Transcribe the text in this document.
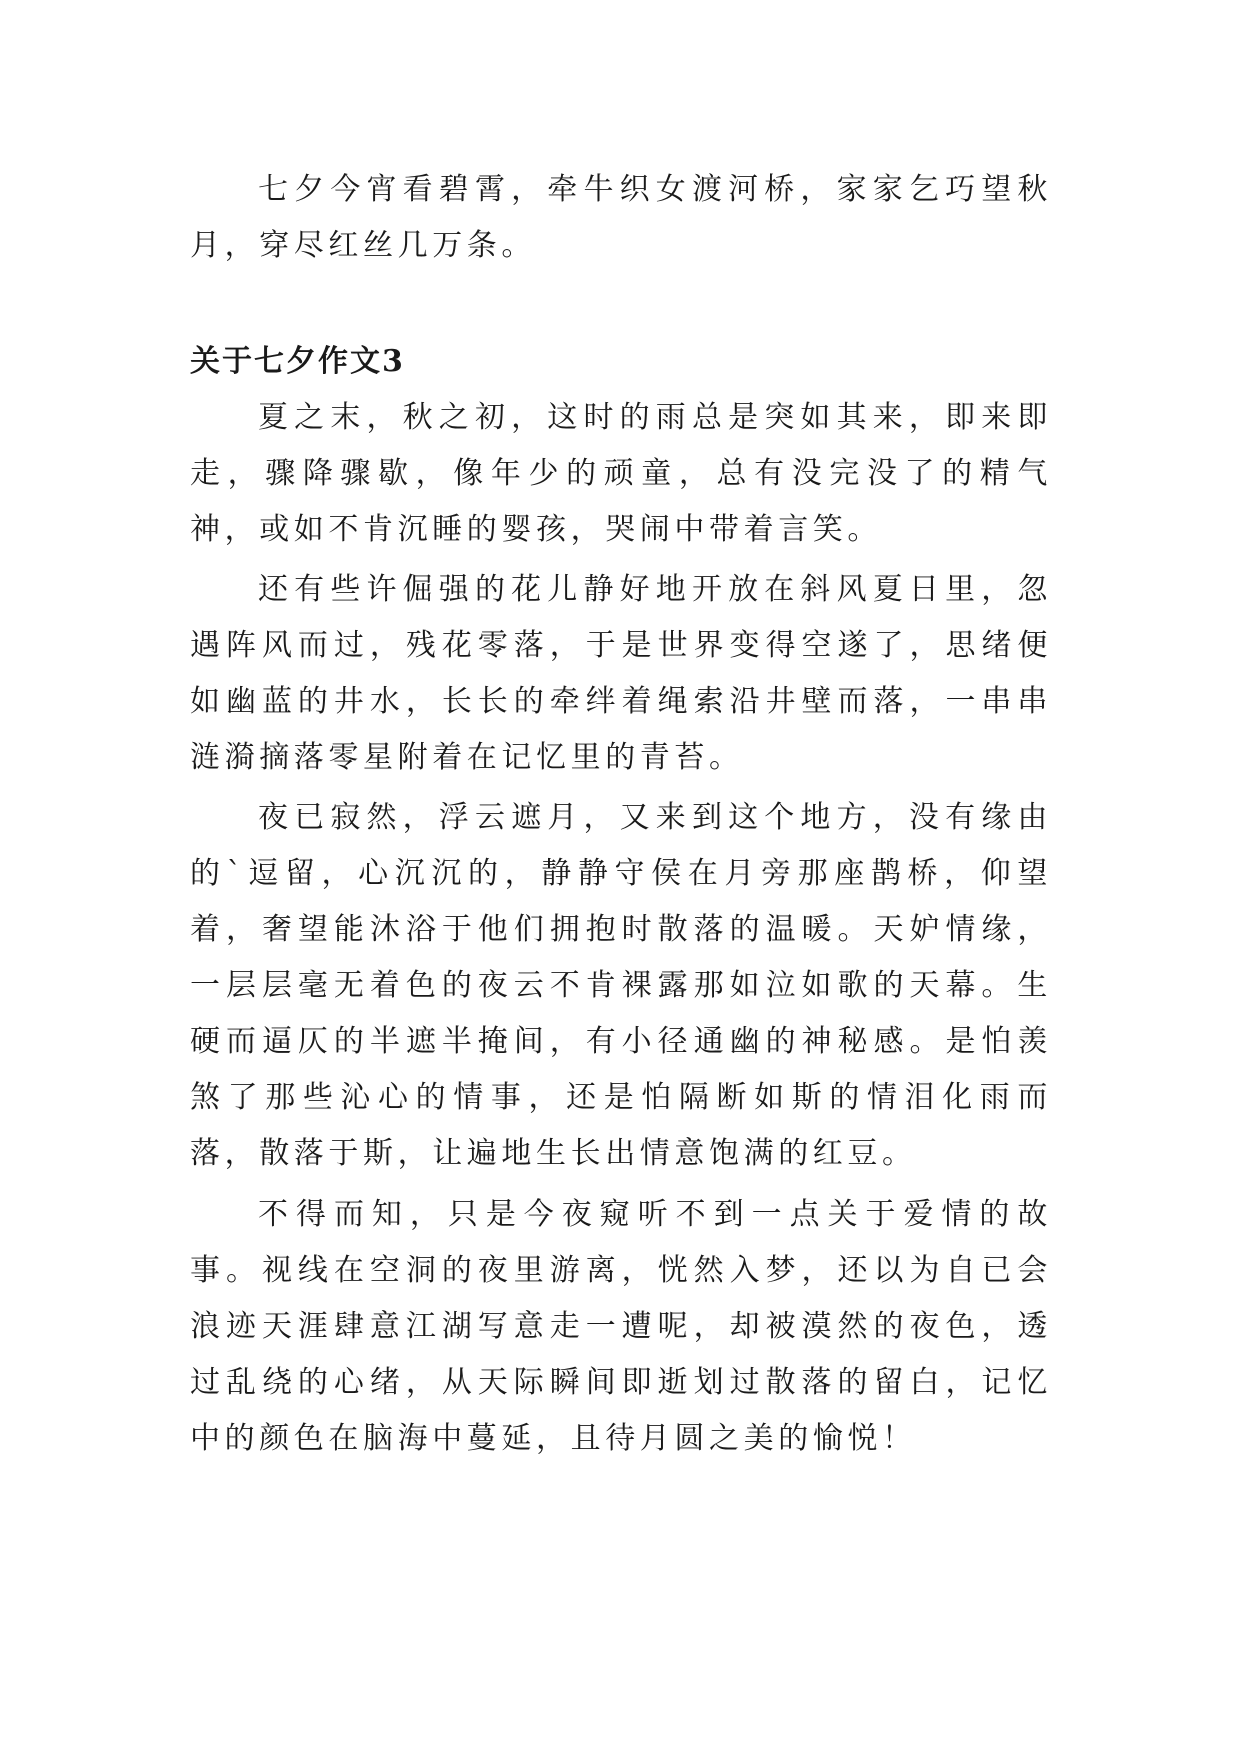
七夕今宵看碧霄，牵牛织女渡河桥，家家乞巧望秋月，穿尽红丝几万条。

关于七夕作文3

夏之末，秋之初，这时的雨总是突如其来，即来即走，骤降骤歇，像年少的顽童，总有没完没了的精气神，或如不肯沉睡的婴孩，哭闹中带着言笑。

还有些许倔强的花儿静好地开放在斜风夏日里，忽遇阵风而过，残花零落，于是世界变得空遂了，思绪便如幽蓝的井水，长长的牵绊着绳索沿井壁而落，一串串涟漪摘落零星附着在记忆里的青苔。

夜已寂然，浮云遮月，又来到这个地方，没有缘由的`逗留，心沉沉的，静静守侯在月旁那座鹊桥，仰望着，奢望能沐浴于他们拥抱时散落的温暖。天妒情缘，一层层毫无着色的夜云不肯裸露那如泣如歌的天幕。生硬而逼仄的半遮半掩间，有小径通幽的神秘感。是怕羡煞了那些沁心的情事，还是怕隔断如斯的情泪化雨而落，散落于斯，让遍地生长出情意饱满的红豆。

不得而知，只是今夜窥听不到一点关于爱情的故事。视线在空洞的夜里游离，恍然入梦，还以为自已会浪迹天涯肆意江湖写意走一遭呢，却被漠然的夜色，透过乱绕的心绪，从天际瞬间即逝划过散落的留白，记忆中的颜色在脑海中蔓延，且待月圆之美的愉悦！
